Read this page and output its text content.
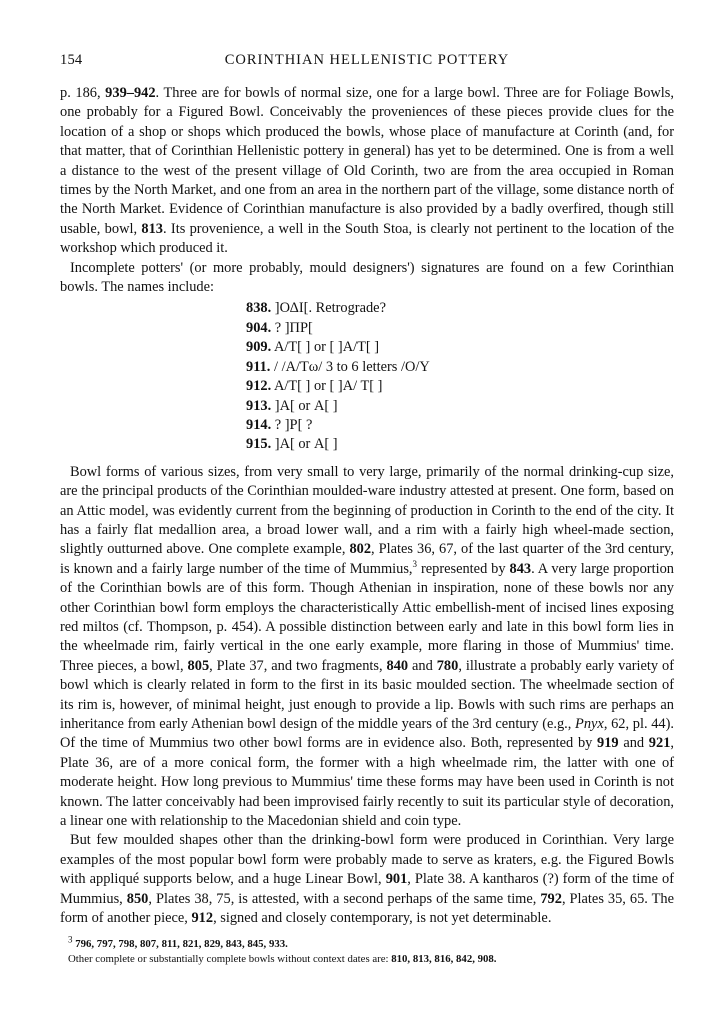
154	CORINTHIAN HELLENISTIC POTTERY

p. 186, 939–942. Three are for bowls of normal size, one for a large bowl. Three are for Foliage Bowls, one probably for a Figured Bowl. Conceivably the proveniences of these pieces provide clues for the location of a shop or shops which produced the bowls, whose place of manufacture at Corinth (and, for that matter, that of Corinthian Hellenistic pottery in general) has yet to be determined. One is from a well a distance to the west of the present village of Old Corinth, two are from the area occupied in Roman times by the North Market, and one from an area in the northern part of the village, some distance north of the North Market. Evidence of Corinthian manufacture is also provided by a badly overfired, though still usable, bowl, 813. Its provenience, a well in the South Stoa, is clearly not pertinent to the location of the workshop which produced it.

Incomplete potters' (or more probably, mould designers') signatures are found on a few Corinthian bowls. The names include:

838. ]ΟΔΙ[. Retrograde?
904. ? ]ΠΡ[
909. Α/Τ[ ] or [ ]Α/Τ[ ]
911. / /Α/Τω/ 3 to 6 letters /Ο/Υ
912. Α/Τ[ ] or [ ]Α/ Τ[ ]
913. ]Α[ or Α[ ]
914. ? ]Ρ[ ?
915. ]Α[ or Α[ ]

Bowl forms of various sizes, from very small to very large, primarily of the normal drinking-cup size, are the principal products of the Corinthian moulded-ware industry attested at present. One form, based on an Attic model, was evidently current from the beginning of production in Corinth to the end of the city. It has a fairly flat medallion area, a broad lower wall, and a rim with a fairly high wheel-made section, slightly outturned above. One complete example, 802, Plates 36, 67, of the last quarter of the 3rd century, is known and a fairly large number of the time of Mummius,$^3$ represented by 843. A very large proportion of the Corinthian bowls are of this form. Though Athenian in inspiration, none of these bowls nor any other Corinthian bowl form employs the characteristically Attic embellish-ment of incised lines exposing red miltos (cf. Thompson, p. 454). A possible distinction between early and late in this bowl form lies in the wheelmade rim, fairly vertical in the one early example, more flaring in those of Mummius' time. Three pieces, a bowl, 805, Plate 37, and two fragments, 840 and 780, illustrate a probably early variety of bowl which is clearly related in form to the first in its basic moulded section. The wheelmade section of its rim is, however, of minimal height, just enough to provide a lip. Bowls with such rims are perhaps an inheritance from early Athenian bowl design of the middle years of the 3rd century (e.g., Pnyx, 62, pl. 44). Of the time of Mummius two other bowl forms are in evidence also. Both, represented by 919 and 921, Plate 36, are of a more conical form, the former with a high wheelmade rim, the latter with one of moderate height. How long previous to Mummius' time these forms may have been used in Corinth is not known. The latter conceivably had been improvised fairly recently to suit its particular style of decoration, a linear one with relationship to the Macedonian shield and coin type.

But few moulded shapes other than the drinking-bowl form were produced in Corinthian. Very large examples of the most popular bowl form were probably made to serve as kraters, e.g. the Figured Bowls with appliqué supports below, and a huge Linear Bowl, 901, Plate 38. A kantharos (?) form of the time of Mummius, 850, Plates 38, 75, is attested, with a second perhaps of the same time, 792, Plates 35, 65. The form of another piece, 912, signed and closely contemporary, is not yet determinable.

$^3$ 796, 797, 798, 807, 811, 821, 829, 843, 845, 933.

Other complete or substantially complete bowls without context dates are: 810, 813, 816, 842, 908.
